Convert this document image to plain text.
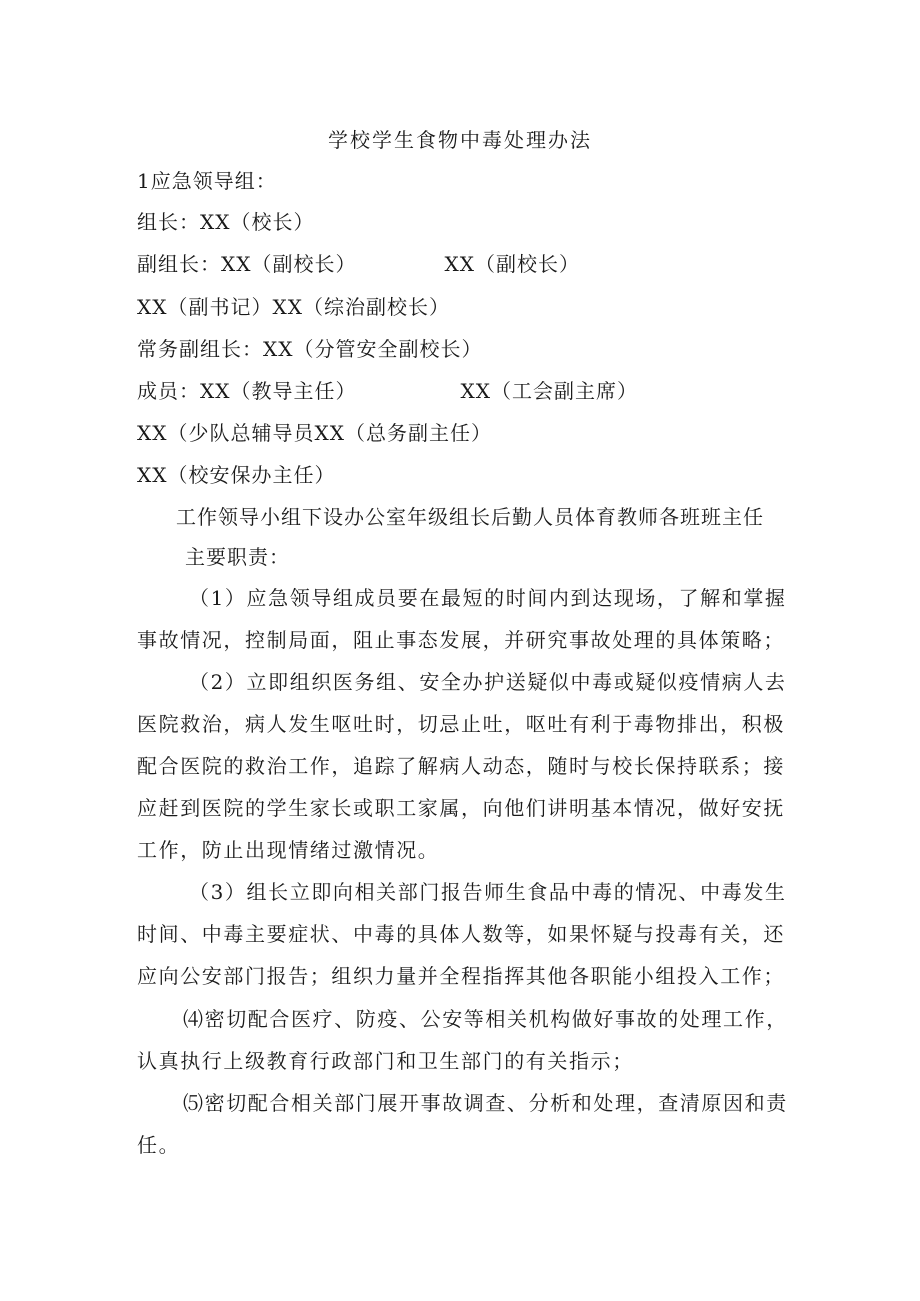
学校学生食物中毒处理办法
1应急领导组：
组长：XX（校长）
副组长：XX（副校长）	XX（副校长）
XX（副书记）XX（综治副校长）
常务副组长：XX（分管安全副校长）
成员：XX（教导主任）	XX（工会副主席）
XX（少队总辅导员XX（总务副主任）
XX（校安保办主任）
工作领导小组下设办公室年级组长后勤人员体育教师各班班主任
主要职责：

（1）应急领导组成员要在最短的时间内到达现场，了解和掌握事故情况，控制局面，阻止事态发展，并研究事故处理的具体策略；

（2）立即组织医务组、安全办护送疑似中毒或疑似疫情病人去医院救治，病人发生呕吐时，切忌止吐，呕吐有利于毒物排出，积极配合医院的救治工作，追踪了解病人动态，随时与校长保持联系；接应赶到医院的学生家长或职工家属，向他们讲明基本情况，做好安抚工作，防止出现情绪过激情况。

（3）组长立即向相关部门报告师生食品中毒的情况、中毒发生时间、中毒主要症状、中毒的具体人数等，如果怀疑与投毒有关，还应向公安部门报告；组织力量并全程指挥其他各职能小组投入工作；

⑷密切配合医疗、防疫、公安等相关机构做好事故的处理工作，认真执行上级教育行政部门和卫生部门的有关指示；

⑸密切配合相关部门展开事故调查、分析和处理，查清原因和责任。
